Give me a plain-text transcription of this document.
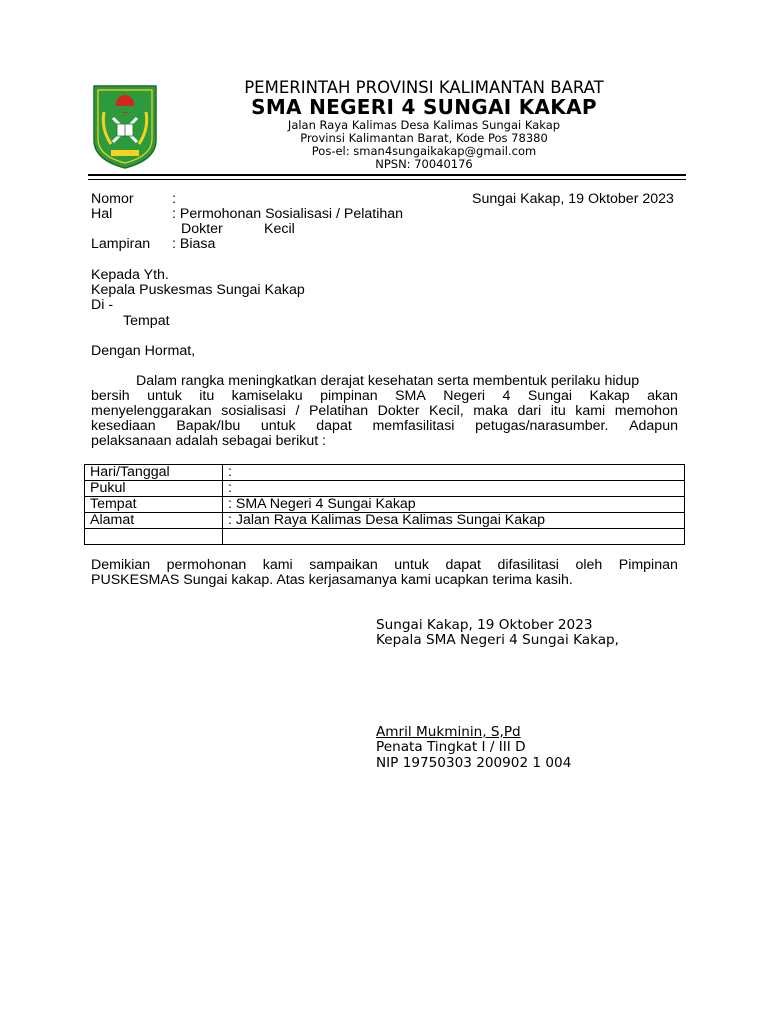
PEMERINTAH PROVINSI KALIMANTAN BARAT
SMA NEGERI 4 SUNGAI KAKAP
Jalan Raya Kalimas Desa Kalimas Sungai Kakap
Provinsi Kalimantan Barat, Kode Pos 78380
Pos-el: sman4sungaikakap@gmail.com
NPSN: 70040176
Nomor	:	Sungai Kakap, 19 Oktober 2023
Hal	: Permohonan Sosialisasi / Pelatihan
Dokter	Kecil
Lampiran : Biasa
Kepada Yth.
Kepala Puskesmas Sungai Kakap
Di -
Tempat
Dengan Hormat,
Dalam rangka meningkatkan derajat kesehatan serta membentuk perilaku hidup
bersih untuk itu kamiselaku pimpinan SMA Negeri 4 Sungai Kakap akan
menyelenggarakan sosialisasi / Pelatihan Dokter Kecil, maka dari itu kami memohon
kesediaan Bapak/Ibu untuk dapat memfasilitasi petugas/narasumber. Adapun
pelaksanaan adalah sebagai berikut :
Hari/Tanggal	:
Pukul	:
Tempat	: SMA Negeri 4 Sungai Kakap
Alamat	: Jalan Raya Kalimas Desa Kalimas Sungai Kakap

Demikian permohonan kami sampaikan untuk dapat difasilitasi oleh Pimpinan
PUSKESMAS Sungai kakap. Atas kerjasamanya kami ucapkan terima kasih.
Sungai Kakap, 19 Oktober 2023
Kepala SMA Negeri 4 Sungai Kakap,
Amril Mukminin, S,Pd
Penata Tingkat I / III D
NIP 19750303 200902 1 004
